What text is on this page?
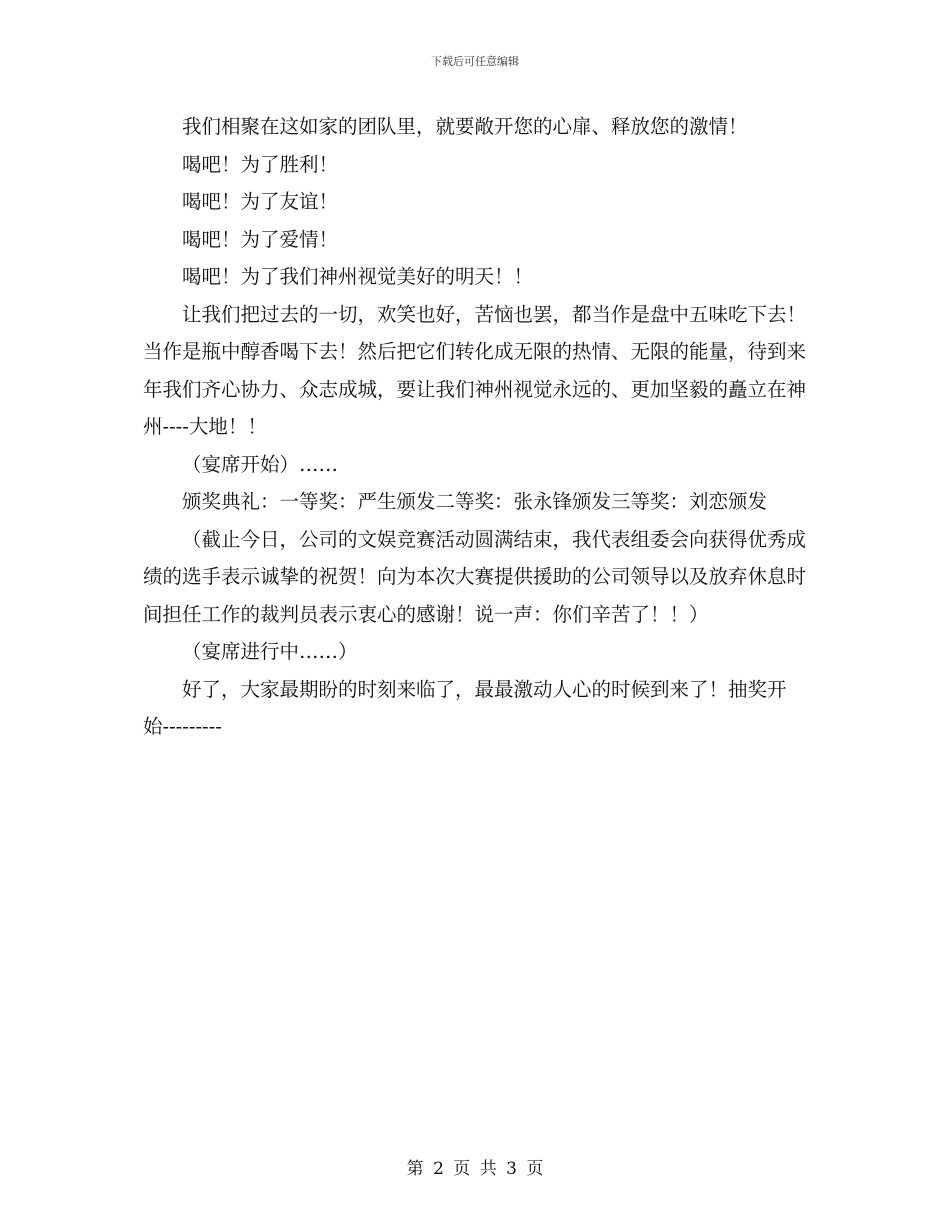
下载后可任意编辑

我们相聚在这如家的团队里，就要敞开您的心扉、释放您的激情！

喝吧！为了胜利！

喝吧！为了友谊！

喝吧！为了爱情！

喝吧！为了我们神州视觉美好的明天！！

让我们把过去的一切，欢笑也好，苦恼也罢，都当作是盘中五味吃下去！当作是瓶中醇香喝下去！然后把它们转化成无限的热情、无限的能量，待到来年我们齐心协力、众志成城，要让我们神州视觉永远的、更加坚毅的矗立在神州----大地！！

（宴席开始）……

颁奖典礼：一等奖：严生颁发二等奖：张永锋颁发三等奖：刘恋颁发

（截止今日，公司的文娱竞赛活动圆满结束，我代表组委会向获得优秀成绩的选手表示诚挚的祝贺！向为本次大赛提供援助的公司领导以及放弃休息时间担任工作的裁判员表示衷心的感谢！说一声：你们辛苦了！！）

（宴席进行中……）

好了，大家最期盼的时刻来临了，最最激动人心的时候到来了！抽奖开始---------

第 2 页 共 3 页
